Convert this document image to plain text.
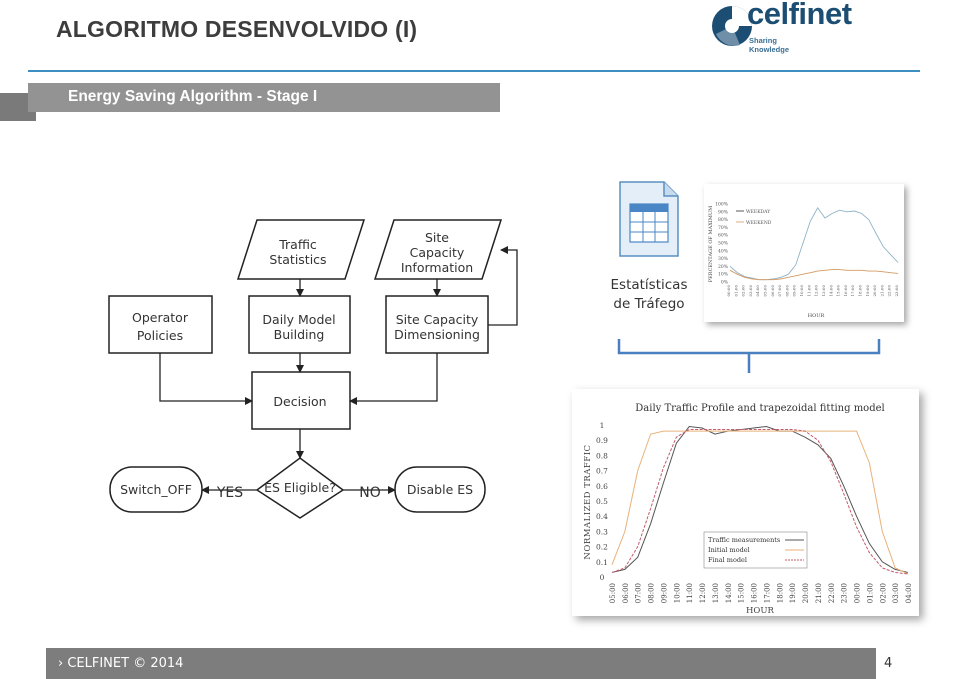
ALGORITMO DESENVOLVIDO (I)
Energy Saving Algorithm - Stage I
celfinet
Sharing
Knowledge
Traffic
Statistics
Site
Capacity
Information
Operator
Policies
Daily Model
Building
Site Capacity
Dimensioning
Decision
Switch_OFF YES ES Eligible? NO Disable ES
Estatísticas
de Tráfego
PERCENTAGE OF MAXIMUM
HOUR
WEEKDAY
WEEKEND
100%
90%
80%
70%
60%
50%
40%
30%
20%
10%
0%
00:00 01:00 02:00 03:00 04:00 05:00 06:00 07:00 08:00 09:00 10:00 11:00 12:00 13:00 14:00 15:00 16:00 17:00 18:00 19:00 20:00 21:00 22:00 23:00
Daily Traffic Profile and trapezoidal fitting model
NORMALIZED TRAFFIC
HOUR
1
0.9
0.8
0.7
0.6
0.5
0.4
0.3
0.2
0.1
0
05:00 06:00 07:00 08:00 09:00 10:00 11:00 12:00 13:00 14:00 15:00 16:00 17:00 18:00 19:00 20:00 21:00 22:00 23:00 00:00 01:00 02:00 03:00 04:00
Traffic measurements
Initial model
Final model
› CELFINET © 2014	4
